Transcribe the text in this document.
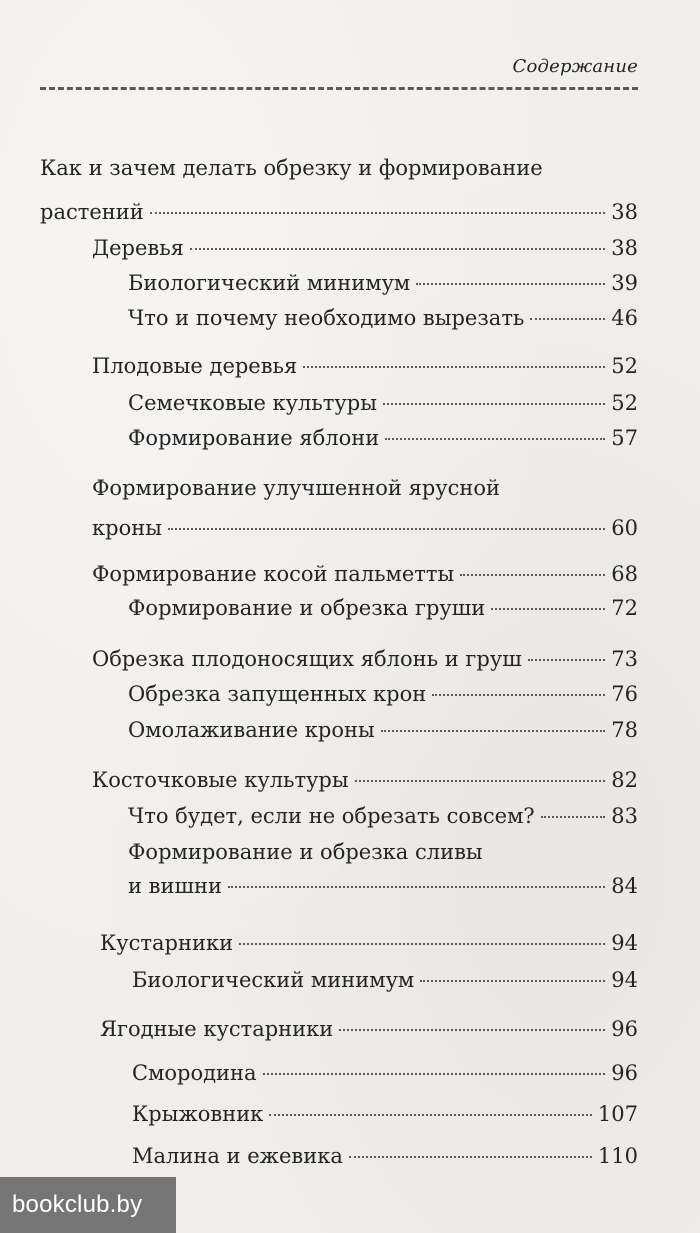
Содержание
Как и зачем делать обрезку и формирование
растений	38
Деревья	38
Биологический минимум	39
Что и почему необходимо вырезать	46
Плодовые деревья	52
Семечковые культуры	52
Формирование яблони	57
Формирование улучшенной ярусной
кроны	60
Формирование косой пальметты	68
Формирование и обрезка груши	72
Обрезка плодоносящих яблонь и груш	73
Обрезка запущенных крон	76
Омолаживание кроны	78
Косточковые культуры	82
Что будет, если не обрезать совсем?	83
Формирование и обрезка сливы
и вишни	84
Кустарники	94
Биологический минимум	94
Ягодные кустарники	96
Смородина	96
Крыжовник	107
Малина и ежевика	110
bookclub.by
